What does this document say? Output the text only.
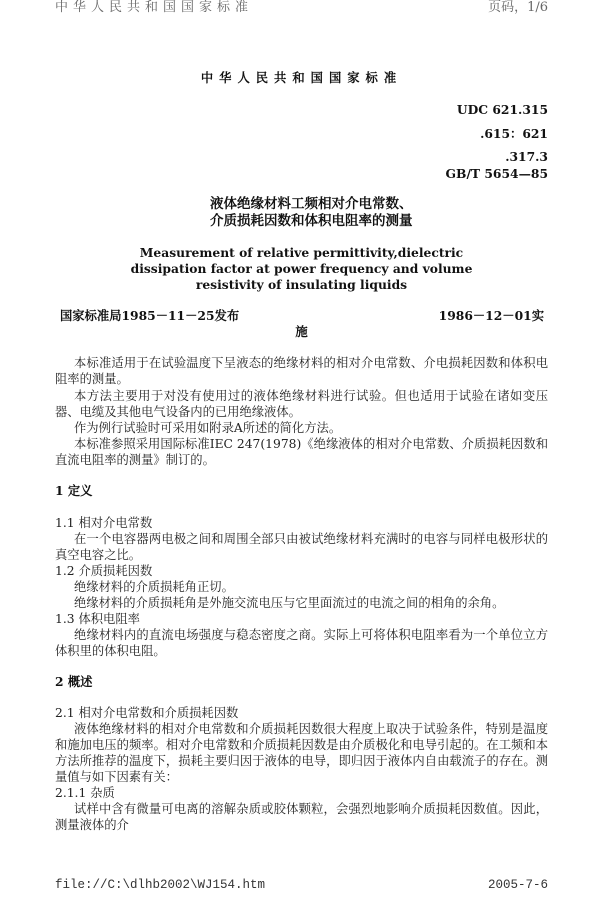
中华人民共和国国家标准	页码，1/6
中华人民共和国国家标准
UDC 621.315
.615：621
.317.3
GB/T 5654—85
液体绝缘材料工频相对介电常数、
介质损耗因数和体积电阻率的测量
Measurement of relative permittivity,dielectric
dissipation factor at power frequency and volume
resistivity of insulating liquids
国家标准局1985－11－25发布	1986－12－01实
施
本标准适用于在试验温度下呈液态的绝缘材料的相对介电常数、介电损耗因数和体积电阻率的测量。
本方法主要用于对没有使用过的液体绝缘材料进行试验。但也适用于试验在诸如变压器、电缆及其他电气设备内的已用绝缘液体。
作为例行试验时可采用如附录A所述的简化方法。
本标准参照采用国际标准IEC 247(1978)《绝缘液体的相对介电常数、介质损耗因数和直流电阻率的测量》制订的。
1 定义
1.1 相对介电常数
在一个电容器两电极之间和周围全部只由被试绝缘材料充满时的电容与同样电极形状的真空电容之比。
1.2 介质损耗因数
绝缘材料的介质损耗角正切。
绝缘材料的介质损耗角是外施交流电压与它里面流过的电流之间的相角的余角。
1.3 体积电阻率
绝缘材料内的直流电场强度与稳态密度之商。实际上可将体积电阻率看为一个单位立方体积里的体积电阻。
2 概述
2.1 相对介电常数和介质损耗因数
液体绝缘材料的相对介电常数和介质损耗因数很大程度上取决于试验条件，特别是温度和施加电压的频率。相对介电常数和介质损耗因数是由介质极化和电导引起的。在工频和本方法所推荐的温度下，损耗主要归因于液体的电导，即归因于液体内自由载流子的存在。测量值与如下因素有关：
2.1.1 杂质
试样中含有微量可电离的溶解杂质或胶体颗粒，会强烈地影响介质损耗因数值。因此，测量液体的介
file://C:\dlhb2002\WJ154.htm	2005-7-6
